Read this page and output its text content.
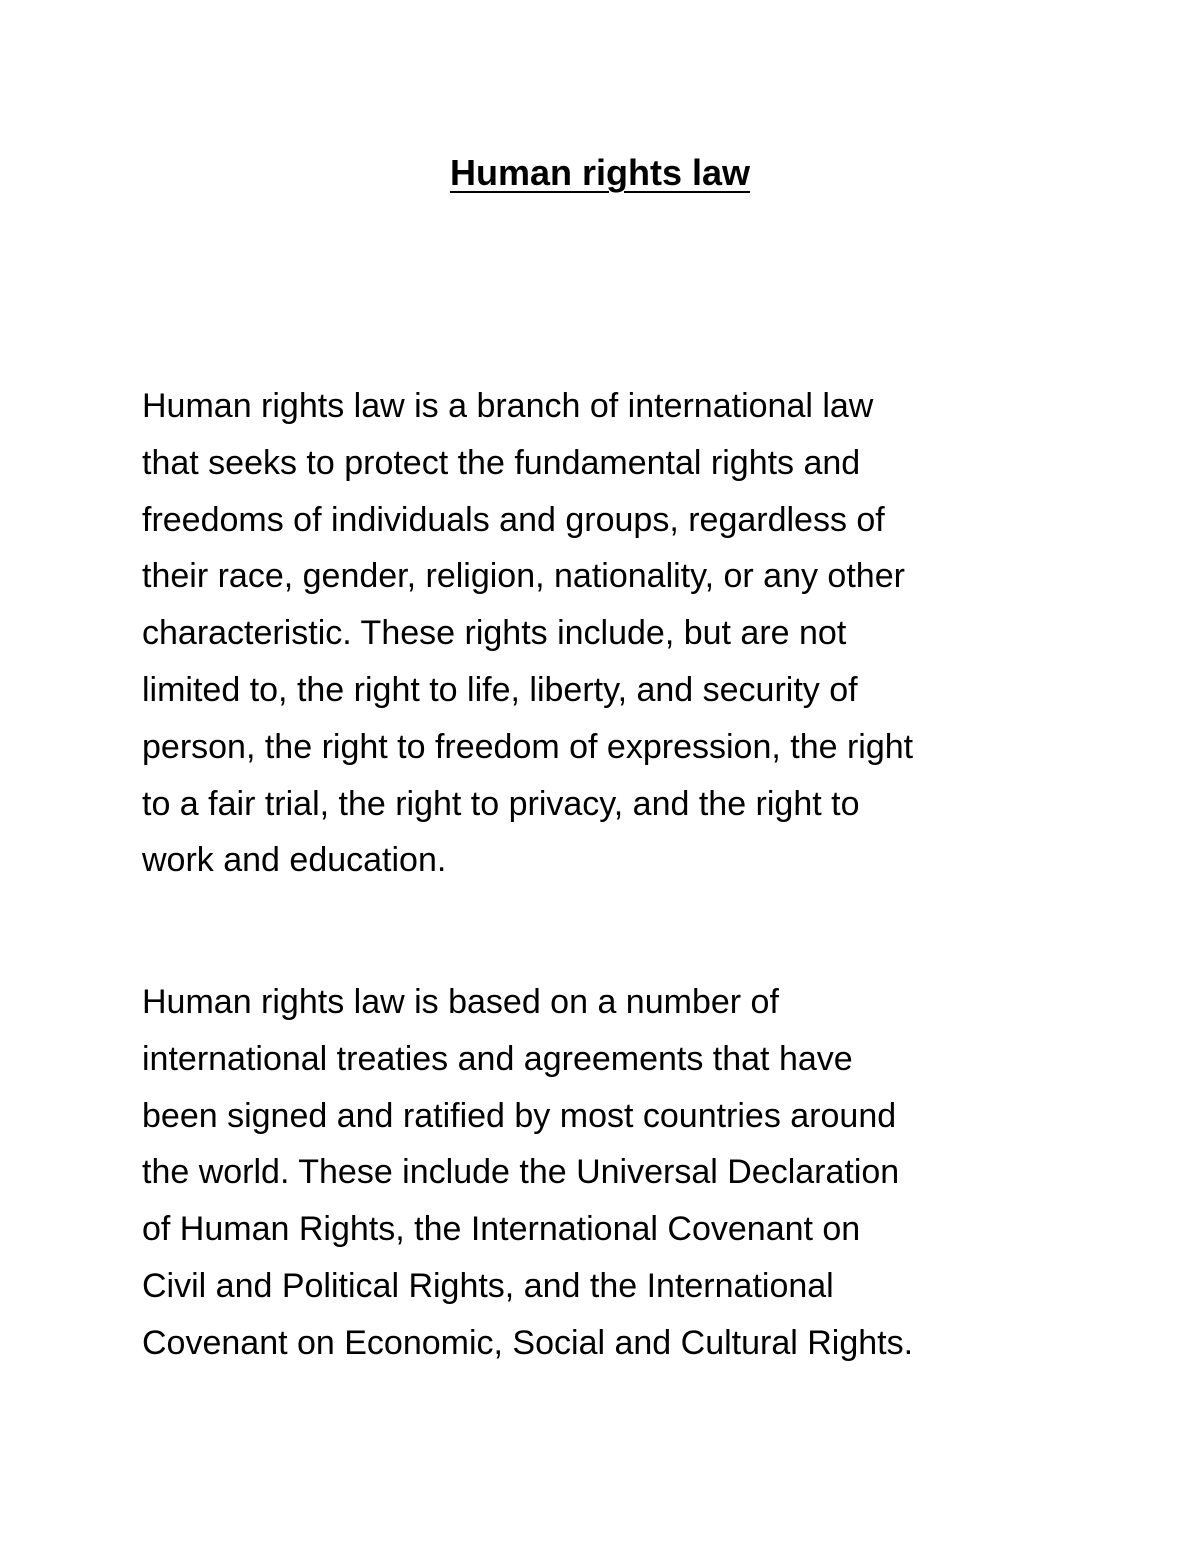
Human rights law

Human rights law is a branch of international law
that seeks to protect the fundamental rights and
freedoms of individuals and groups, regardless of
their race, gender, religion, nationality, or any other
characteristic. These rights include, but are not
limited to, the right to life, liberty, and security of
person, the right to freedom of expression, the right
to a fair trial, the right to privacy, and the right to
work and education.

Human rights law is based on a number of
international treaties and agreements that have
been signed and ratified by most countries around
the world. These include the Universal Declaration
of Human Rights, the International Covenant on
Civil and Political Rights, and the International
Covenant on Economic, Social and Cultural Rights.
